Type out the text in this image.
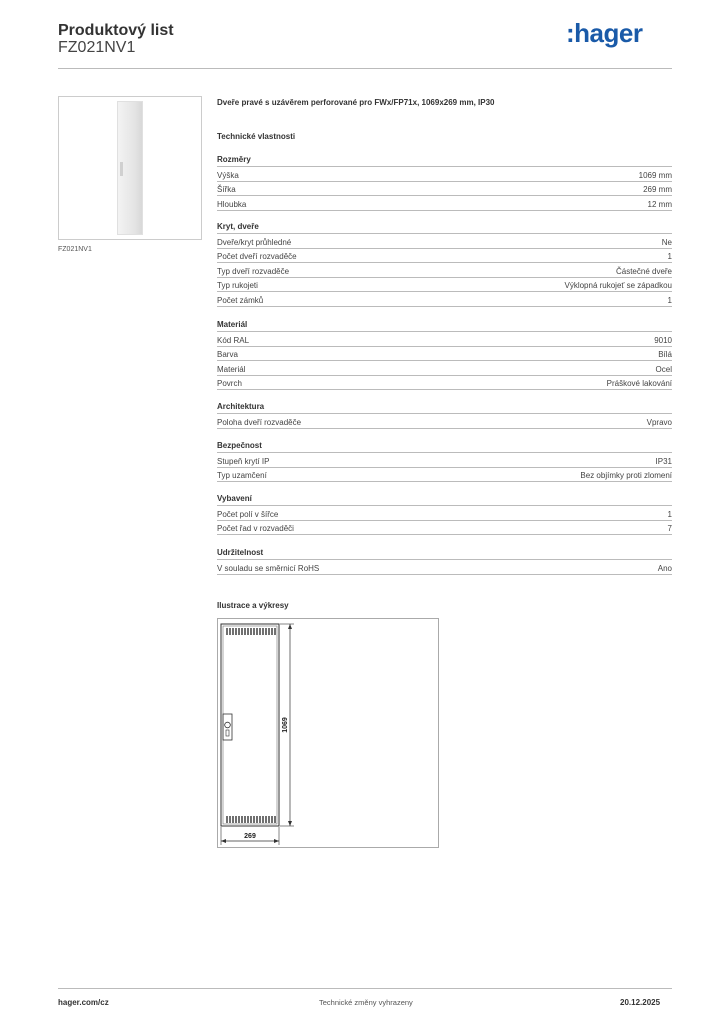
Produktový list
FZ021NV1	:hager
FZ021NV1
Dveře pravé s uzávěrem perforované pro FWx/FP71x, 1069x269 mm, IP30
Technické vlastnosti
Rozměry
Výška	1069 mm
Šířka	269 mm
Hloubka	12 mm
Kryt, dveře
Dveře/kryt průhledné	Ne
Počet dveří rozvaděče	1
Typ dveří rozvaděče	Částečné dveře
Typ rukojeti	Výklopná rukojeť se západkou
Počet zámků	1
Materiál
Kód RAL	9010
Barva	Bílá
Materiál	Ocel
Povrch	Práškové lakování
Architektura
Poloha dveří rozvaděče	Vpravo
Bezpečnost
Stupeň krytí IP	IP31
Typ uzamčení	Bez objímky proti zlomení
Vybavení
Počet polí v šířce	1
Počet řad v rozvaděči	7
Udržitelnost
V souladu se směrnicí RoHS	Ano
Ilustrace a výkresy
1069
269
hager.com/cz	Technické změny vyhrazeny	20.12.2025
